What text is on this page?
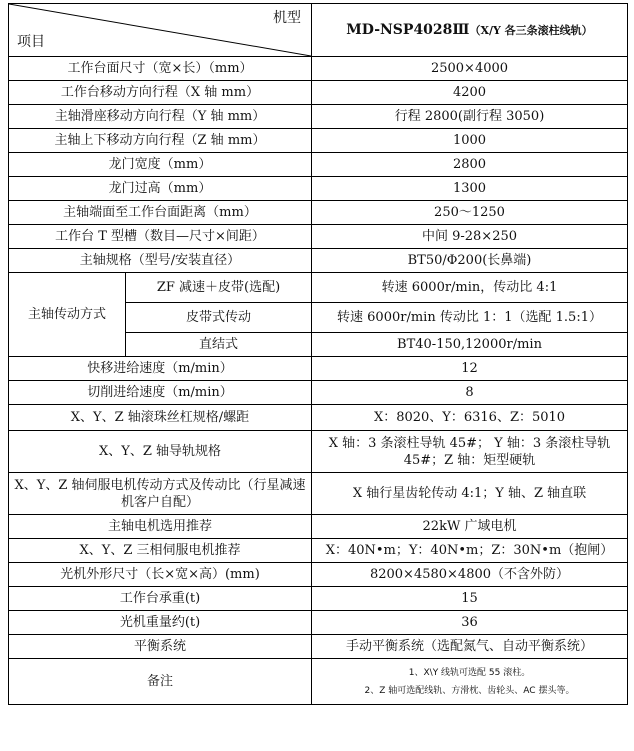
机型
项目		MD-NSP4028Ⅲ（X/Y 各三条滚柱线轨）
工作台面尺寸（宽×长）（mm）		2500×4000
工作台移动方向行程（X 轴 mm）		4200
主轴滑座移动方向行程（Y 轴 mm）		行程 2800(副行程 3050)
主轴上下移动方向行程（Z 轴 mm）		1000
龙门宽度（mm）		2800
龙门过高（mm）		1300
主轴端面至工作台面距离（mm）		250～1250
工作台 T 型槽（数目—尺寸×间距）		中间 9-28×250
主轴规格（型号/安装直径）		BT50/Φ200(长鼻端)
主轴传动方式	ZF 减速＋皮带(选配)	转速 6000r/min，传动比 4:1
	皮带式传动	转速 6000r/min 传动比 1：1（选配 1.5:1）
	直结式	BT40-150,12000r/min
快移进给速度（m/min）		12
切削进给速度（m/min）		8
X、Y、Z 轴滚珠丝杠规格/螺距		X：8020、Y：6316、Z：5010
X、Y、Z 轴导轨规格		X 轴：3 条滚柱导轨 45#； Y 轴：3 条滚柱导轨 45#；Z 轴：矩型硬轨
X、Y、Z 轴伺服电机传动方式及传动比（行星减速机客户自配）		X 轴行星齿轮传动 4:1；Y 轴、Z 轴直联
主轴电机选用推荐		22kW 广域电机
X、Y、Z 三相伺服电机推荐		X：40N•m；Y：40N•m；Z：30N•m（抱闸）
光机外形尺寸（长×宽×高）(mm)		8200×4580×4800（不含外防）
工作台承重(t)		15
光机重量约(t)		36
平衡系统		手动平衡系统（选配氮气、自动平衡系统）
备注		1、X\Y 线轨可选配 55 滚柱。
2、Z 轴可选配线轨、方滑枕、齿轮头、AC 摆头等。
